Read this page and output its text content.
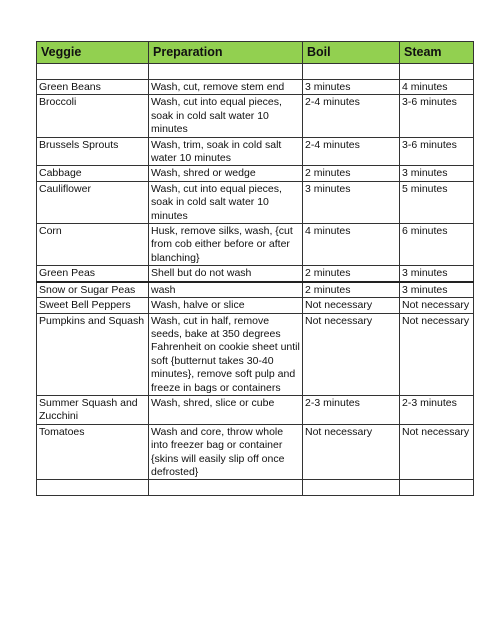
Veggie	Preparation	Boil	Steam

Green Beans	Wash, cut, remove stem end	3 minutes	4 minutes
Broccoli	Wash, cut into equal pieces, soak in cold salt water 10 minutes	2-4 minutes	3-6 minutes
Brussels Sprouts	Wash, trim, soak in cold salt water 10 minutes	2-4 minutes	3-6 minutes
Cabbage	Wash, shred or wedge	2 minutes	3 minutes
Cauliflower	Wash, cut into equal pieces, soak in cold salt water 10 minutes	3 minutes	5 minutes
Corn	Husk, remove silks, wash, {cut from cob either before or after blanching}	4 minutes	6 minutes
Green Peas	Shell but do not wash	2 minutes	3 minutes
Snow or Sugar Peas	wash	2 minutes	3 minutes
Sweet Bell Peppers	Wash, halve or slice	Not necessary	Not necessary
Pumpkins and Squash	Wash, cut in half, remove seeds, bake at 350 degrees Fahrenheit on cookie sheet until soft {butternut takes 30-40 minutes}, remove soft pulp and freeze in bags or containers	Not necessary	Not necessary
Summer Squash and Zucchini	Wash, shred, slice or cube	2-3 minutes	2-3 minutes
Tomatoes	Wash and core, throw whole into freezer bag or container {skins will easily slip off once defrosted}	Not necessary	Not necessary
